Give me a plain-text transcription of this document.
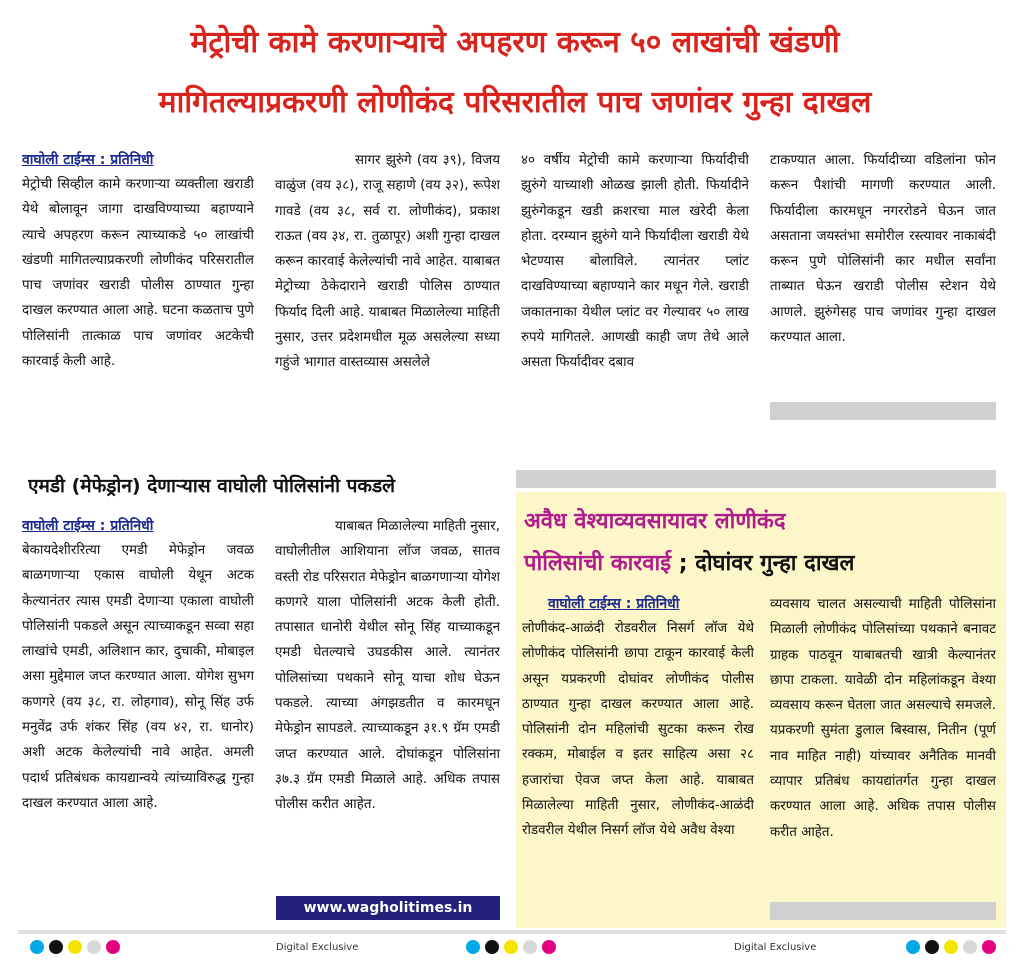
मेट्रोची कामे करणाऱ्याचे अपहरण करून ५० लाखांची खंडणी
मागितल्याप्रकरणी लोणीकंद परिसरातील पाच जणांवर गुन्हा दाखल
वाघोली टाईम्स : प्रतिनिधी
मेट्रोची सिव्हील कामे करणाऱ्या व्यक्तीला खराडी येथे बोलावून जागा दाखविण्याच्या बहाण्याने त्याचे अपहरण करून त्याच्याकडे ५० लाखांची खंडणी मागितल्याप्रकरणी लोणीकंद परिसरातील पाच जणांवर खराडी पोलीस ठाण्यात गुन्हा दाखल करण्यात आला आहे. घटना कळताच पुणे पोलिसांनी तात्काळ पाच जणांवर अटकेची कारवाई केली आहे.
सागर झुरुंगे (वय ३९), विजय वाळुंज (वय ३८), राजू सहाणे (वय ३२), रूपेश गावडे (वय ३८, सर्व रा. लोणीकंद), प्रकाश राऊत (वय ३४, रा. तुळापूर) अशी गुन्हा दाखल करून कारवाई केलेल्यांची नावे आहेत. याबाबत मेट्रोच्या ठेकेदाराने खराडी पोलिस ठाण्यात फिर्याद दिली आहे. याबाबत मिळालेल्या माहिती नुसार, उत्तर प्रदेशमधील मूळ असलेल्या सध्या गहुंजे भागात वास्तव्यास असलेले
४० वर्षीय मेट्रोची कामे करणाऱ्या फिर्यादीची झुरुंगे याच्याशी ओळख झाली होती. फिर्यादीने झुरुंगेकडून खडी क्रशरचा माल खरेदी केला होता. दरम्यान झुरुंगे याने फिर्यादीला खराडी येथे भेटण्यास बोलाविले. त्यानंतर प्लांट दाखविण्याच्या बहाण्याने कार मधून गेले. खराडी जकातनाका येथील प्लांट वर गेल्यावर ५० लाख रुपये मागितले. आणखी काही जण तेथे आले असता फिर्यादीवर दबाव
टाकण्यात आला. फिर्यादीच्या वडिलांना फोन करून पैशांची मागणी करण्यात आली. फिर्यादीला कारमधून नगररोडने घेऊन जात असताना जयस्तंभा समोरील रस्त्यावर नाकाबंदी करून पुणे पोलिसांनी कार मधील सर्वांना ताब्यात घेऊन खराडी पोलीस स्टेशन येथे आणले. झुरुंगेसह पाच जणांवर गुन्हा दाखल करण्यात आला.
एमडी (मेफेड्रोन) देणाऱ्यास वाघोली पोलिसांनी पकडले
वाघोली टाईम्स : प्रतिनिधी
बेकायदेशीररित्या एमडी मेफेड्रोन जवळ बाळगणाऱ्या एकास वाघोली येथून अटक केल्यानंतर त्यास एमडी देणाऱ्या एकाला वाघोली पोलिसांनी पकडले असून त्याच्याकडून सव्वा सहा लाखांचे एमडी, अलिशान कार, दुचाकी, मोबाइल असा मुद्देमाल जप्त करण्यात आला. योगेश सुभग कणगरे (वय ३८, रा. लोहगाव), सोनू सिंह उर्फ मनुवेंद्र उर्फ शंकर सिंह (वय ४२, रा. धानोर) अशी अटक केलेल्यांची नावे आहेत. अमली पदार्थ प्रतिबंधक कायद्यान्वये त्यांच्याविरुद्ध गुन्हा दाखल करण्यात आला आहे.
याबाबत मिळालेल्या माहिती नुसार, वाघोलीतील आशियाना लॉज जवळ, सातव वस्ती रोड परिसरात मेफेड्रोन बाळगणाऱ्या योगेश कणगरे याला पोलिसांनी अटक केली होती. तपासात धानोरी येथील सोनू सिंह याच्याकडून एमडी घेतल्याचे उघडकीस आले. त्यानंतर पोलिसांच्या पथकाने सोनू याचा शोध घेऊन पकडले. त्याच्या अंगझडतीत व कारमधून मेफेड्रोन सापडले. त्याच्याकडून ३१.९ ग्रॅम एमडी जप्त करण्यात आले. दोघांकडून पोलिसांना ३७.३ ग्रॅम एमडी मिळाले आहे. अधिक तपास पोलीस करीत आहेत.
www.wagholitimes.in
अवैध वेश्याव्यवसायावर लोणीकंद
पोलिसांची कारवाई ; दोघांवर गुन्हा दाखल
वाघोली टाईम्स : प्रतिनिधी
लोणीकंद-आळंदी रोडवरील निसर्ग लॉज येथे लोणीकंद पोलिसांनी छापा टाकून कारवाई केली असून यप्रकरणी दोघांवर लोणीकंद पोलीस ठाण्यात गुन्हा दाखल करण्यात आला आहे. पोलिसांनी दोन महिलांची सुटका करून रोख रक्कम, मोबाईल व इतर साहित्य असा २८ हजारांचा ऐवज जप्त केला आहे. याबाबत मिळालेल्या माहिती नुसार, लोणीकंद-आळंदी रोडवरील येथील निसर्ग लॉज येथे अवैध वेश्या
व्यवसाय चालत असल्याची माहिती पोलिसांना मिळाली लोणीकंद पोलिसांच्या पथकाने बनावट ग्राहक पाठवून याबाबतची खात्री केल्यानंतर छापा टाकला. यावेळी दोन महिलांकडून वेश्या व्यवसाय करून घेतला जात असल्याचे समजले. यप्रकरणी सुमंता डुलाल बिस्वास, नितीन (पूर्ण नाव माहित नाही) यांच्यावर अनैतिक मानवी व्यापार प्रतिबंध कायद्यांतर्गत गुन्हा दाखल करण्यात आला आहे. अधिक तपास पोलीस करीत आहेत.
Digital Exclusive	Digital Exclusive
